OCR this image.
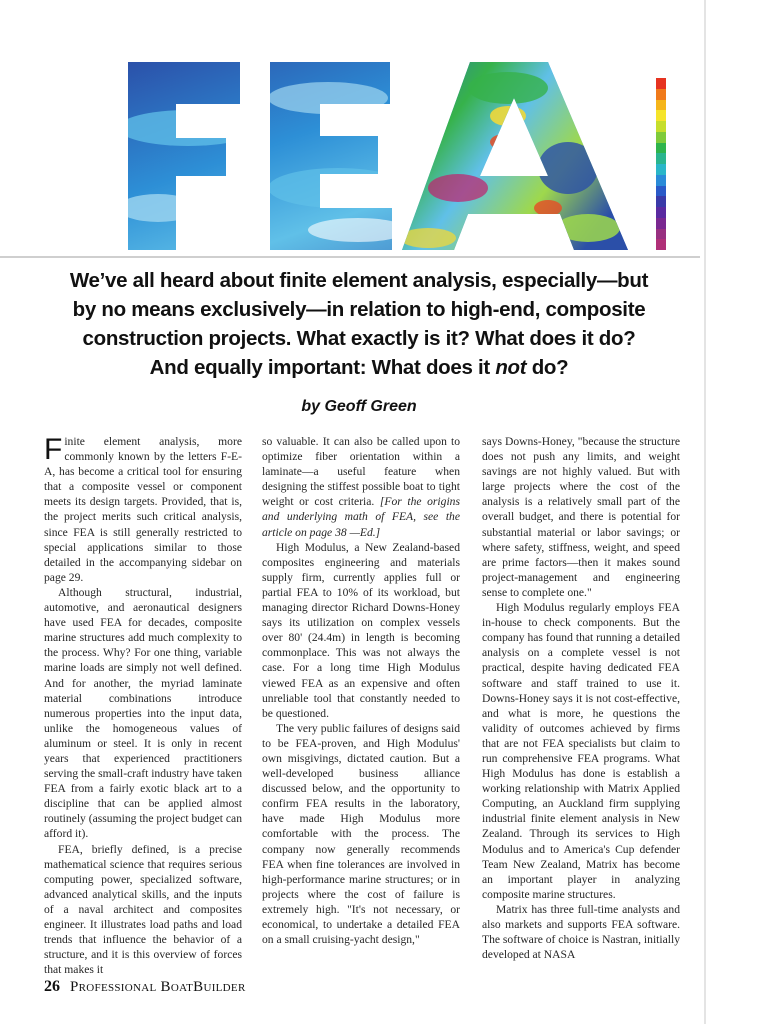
We’ve all heard about finite element analysis, especially—but
by no means exclusively—in relation to high-end, composite
construction projects. What exactly is it? What does it do?
And equally important: What does it not do?
by Geoff Green

Finite element analysis, more commonly known by the letters F-E-A, has become a critical tool for ensuring that a composite vessel or component meets its design targets. Provided, that is, the project merits such critical analysis, since FEA is still generally restricted to special applications similar to those detailed in the accompanying sidebar on page 29.

Although structural, industrial, automotive, and aeronautical designers have used FEA for decades, composite marine structures add much complexity to the process. Why? For one thing, variable marine loads are simply not well defined. And for another, the myriad laminate material combinations introduce numerous properties into the input data, unlike the homogeneous values of aluminum or steel. It is only in recent years that experienced practitioners serving the small-craft industry have taken FEA from a fairly exotic black art to a discipline that can be applied almost routinely (assuming the project budget can afford it).

FEA, briefly defined, is a precise mathematical science that requires serious computing power, specialized software, advanced analytical skills, and the inputs of a naval architect and composites engineer. It illustrates load paths and load trends that influence the behavior of a structure, and it is this overview of forces that makes it

so valuable. It can also be called upon to optimize fiber orientation within a laminate—a useful feature when designing the stiffest possible boat to tight weight or cost criteria. [For the origins and underlying math of FEA, see the article on page 38 —Ed.]

High Modulus, a New Zealand-based composites engineering and materials supply firm, currently applies full or partial FEA to 10% of its workload, but managing director Richard Downs-Honey says its utilization on complex vessels over 80' (24.4m) in length is becoming commonplace. This was not always the case. For a long time High Modulus viewed FEA as an expensive and often unreliable tool that constantly needed to be questioned.

The very public failures of designs said to be FEA-proven, and High Modulus' own misgivings, dictated caution. But a well-developed business alliance discussed below, and the opportunity to confirm FEA results in the laboratory, have made High Modulus more comfortable with the process. The company now generally recommends FEA when fine tolerances are involved in high-performance marine structures; or in projects where the cost of failure is extremely high. "It's not necessary, or economical, to undertake a detailed FEA on a small cruising-yacht design,"

says Downs-Honey, "because the structure does not push any limits, and weight savings are not highly valued. But with large projects where the cost of the analysis is a relatively small part of the overall budget, and there is potential for substantial material or labor savings; or where safety, stiffness, weight, and speed are prime factors—then it makes sound project-management and engineering sense to complete one."

High Modulus regularly employs FEA in-house to check components. But the company has found that running a detailed analysis on a complete vessel is not practical, despite having dedicated FEA software and staff trained to use it. Downs-Honey says it is not cost-effective, and what is more, he questions the validity of outcomes achieved by firms that are not FEA specialists but claim to run comprehensive FEA programs. What High Modulus has done is establish a working relationship with Matrix Applied Computing, an Auckland firm supplying industrial finite element analysis in New Zealand. Through its services to High Modulus and to America's Cup defender Team New Zealand, Matrix has become an important player in analyzing composite marine structures.

Matrix has three full-time analysts and also markets and supports FEA software. The software of choice is Nastran, initially developed at NASA

26 Professional BoatBuilder
